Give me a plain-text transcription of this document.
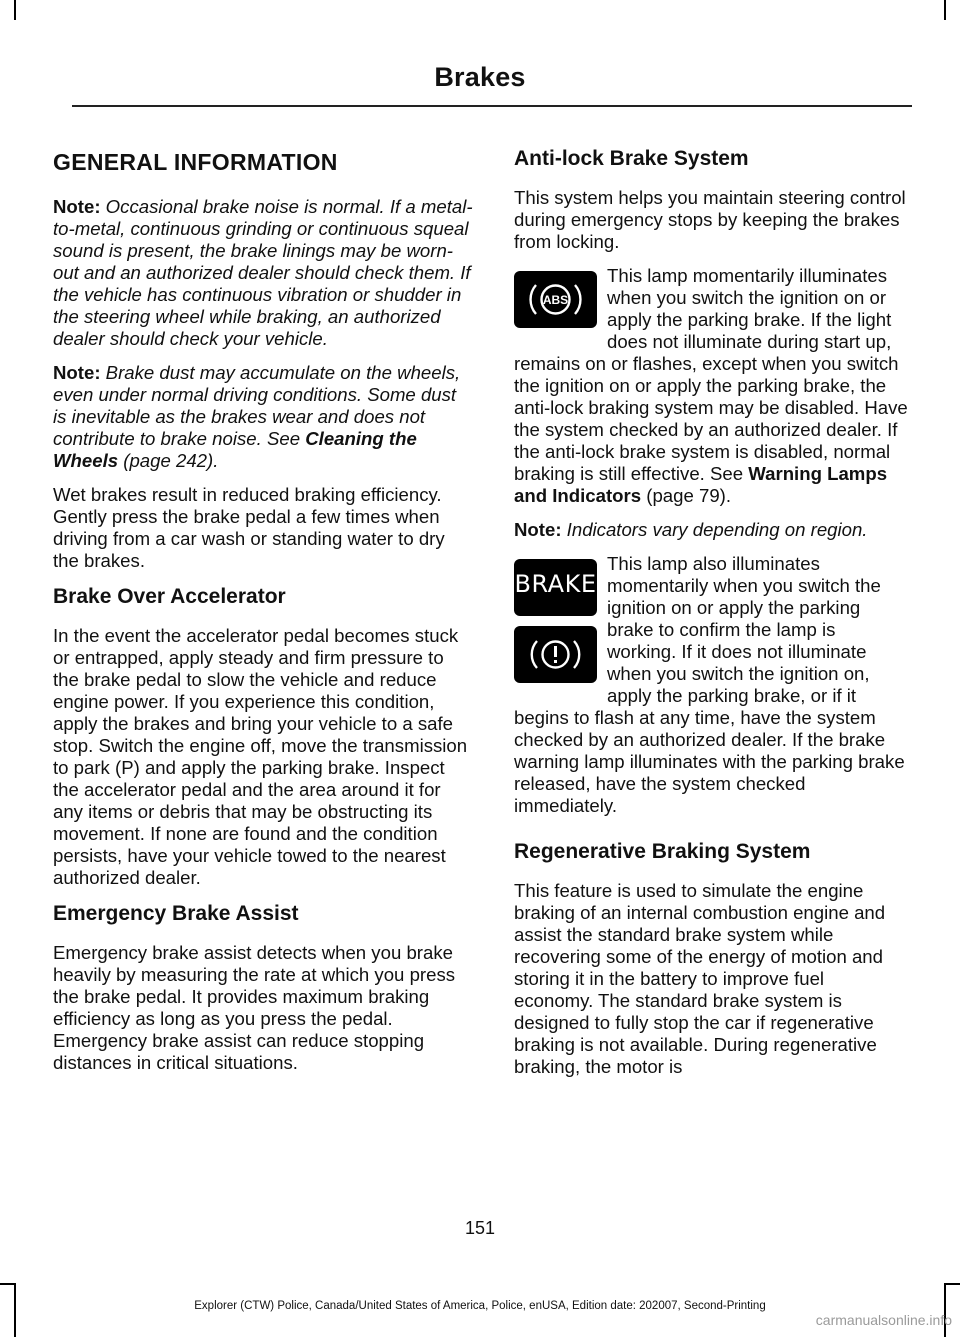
Brakes
GENERAL INFORMATION

Note: Occasional brake noise is normal. If a metal-to-metal, continuous grinding or continuous squeal sound is present, the brake linings may be worn-out and an authorized dealer should check them. If the vehicle has continuous vibration or shudder in the steering wheel while braking, an authorized dealer should check your vehicle.

Note: Brake dust may accumulate on the wheels, even under normal driving conditions. Some dust is inevitable as the brakes wear and does not contribute to brake noise. See Cleaning the Wheels (page 242).

Wet brakes result in reduced braking efficiency. Gently press the brake pedal a few times when driving from a car wash or standing water to dry the brakes.

Brake Over Accelerator

In the event the accelerator pedal becomes stuck or entrapped, apply steady and firm pressure to the brake pedal to slow the vehicle and reduce engine power. If you experience this condition, apply the brakes and bring your vehicle to a safe stop. Switch the engine off, move the transmission to park (P) and apply the parking brake. Inspect the accelerator pedal and the area around it for any items or debris that may be obstructing its movement. If none are found and the condition persists, have your vehicle towed to the nearest authorized dealer.

Emergency Brake Assist

Emergency brake assist detects when you brake heavily by measuring the rate at which you press the brake pedal. It provides maximum braking efficiency as long as you press the pedal. Emergency brake assist can reduce stopping distances in critical situations.

Anti-lock Brake System

This system helps you maintain steering control during emergency stops by keeping the brakes from locking.

ABS

This lamp momentarily illuminates when you switch the ignition on or apply the parking brake. If the light does not illuminate during start up, remains on or flashes, except when you switch the ignition on or apply the parking brake, the anti-lock braking system may be disabled. Have the system checked by an authorized dealer. If the anti-lock brake system is disabled, normal braking is still effective. See Warning Lamps and Indicators (page 79).

Note: Indicators vary depending on region.

BRAKE

This lamp also illuminates momentarily when you switch the ignition on or apply the parking brake to confirm the lamp is working. If it does not illuminate when you switch the ignition on, apply the parking brake, or if it begins to flash at any time, have the system checked by an authorized dealer. If the brake warning lamp illuminates with the parking brake released, have the system checked immediately.

Regenerative Braking System

This feature is used to simulate the engine braking of an internal combustion engine and assist the standard brake system while recovering some of the energy of motion and storing it in the battery to improve fuel economy. The standard brake system is designed to fully stop the car if regenerative braking is not available. During regenerative braking, the motor is

151
Explorer (CTW) Police, Canada/United States of America, Police, enUSA, Edition date: 202007, Second-Printing
carmanualsonline.info
